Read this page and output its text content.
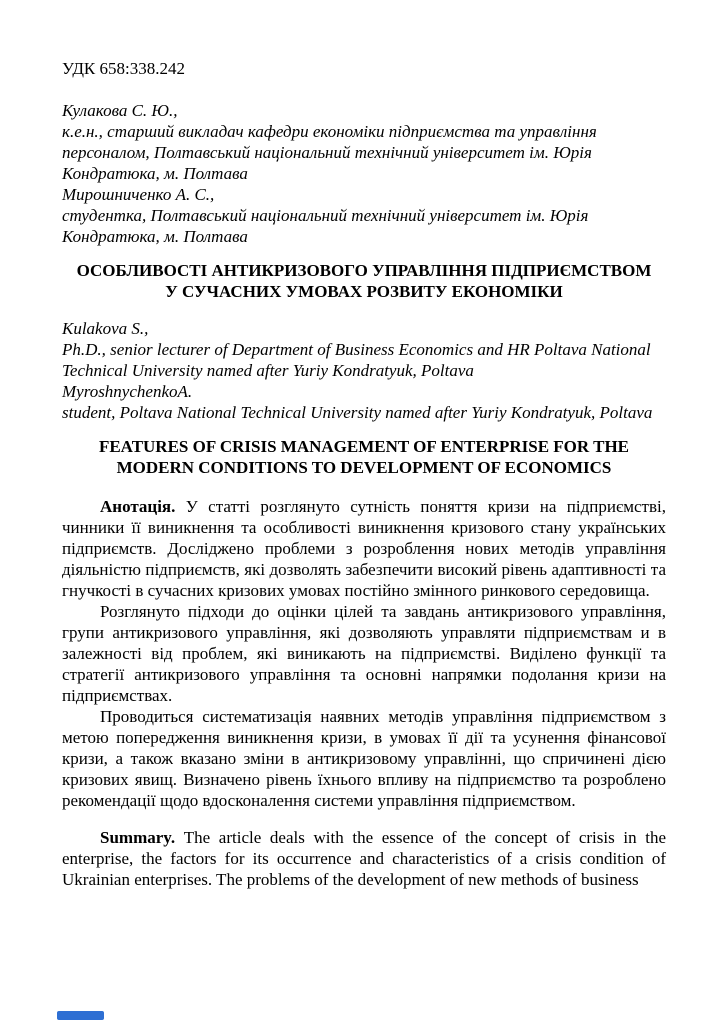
УДК 658:338.242

Кулакова С. Ю.,
к.е.н., старший викладач кафедри економіки підприємства та управління персоналом, Полтавський національний технічний університет ім. Юрія Кондратюка, м. Полтава
Мирошниченко А. С.,
студентка, Полтавський національний технічний університет ім. Юрія Кондратюка, м. Полтава
ОСОБЛИВОСТІ АНТИКРИЗОВОГО УПРАВЛІННЯ ПІДПРИЄМСТВОМ
У СУЧАСНИХ УМОВАХ РОЗВИТУ ЕКОНОМІКИ
Kulakova S.,
Ph.D., senior lecturer of Department of Business Economics and HR Poltava National Technical University named after Yuriy Kondratyuk, Poltava
MyroshnychenkoA.
student, Poltava National Technical University named after Yuriy Kondratyuk, Poltava
FEATURES OF CRISIS MANAGEMENT OF ENTERPRISE FOR THE
MODERN CONDITIONS TO DEVELOPMENT OF ECONOMICS

Анотація. У статті розглянуто сутність поняття кризи на підприємстві, чинники її виникнення та особливості виникнення кризового стану українських підприємств. Досліджено проблеми з розроблення нових методів управління діяльністю підприємств, які дозволять забезпечити високий рівень адаптивності та гнучкості в сучасних кризових умовах постійно змінного ринкового середовища.

Розглянуто підходи до оцінки цілей та завдань антикризового управління, групи антикризового управління, які дозволяють управляти підприємствам и в залежності від проблем, які виникають на підприємстві. Виділено функції та стратегії антикризового управління та основні напрямки подолання кризи на підприємствах.

Проводиться систематизація наявних методів управління підприємством з метою попередження виникнення кризи, в умовах її дії та усунення фінансової кризи, а також вказано зміни в антикризовому управлінні, що спричинені дією кризових явищ. Визначено рівень їхнього впливу на підприємство та розроблено рекомендації щодо вдосконалення системи управління підприємством.

Summary. The article deals with the essence of the concept of crisis in the enterprise, the factors for its occurrence and characteristics of a crisis condition of Ukrainian enterprises. The problems of the development of new methods of business
